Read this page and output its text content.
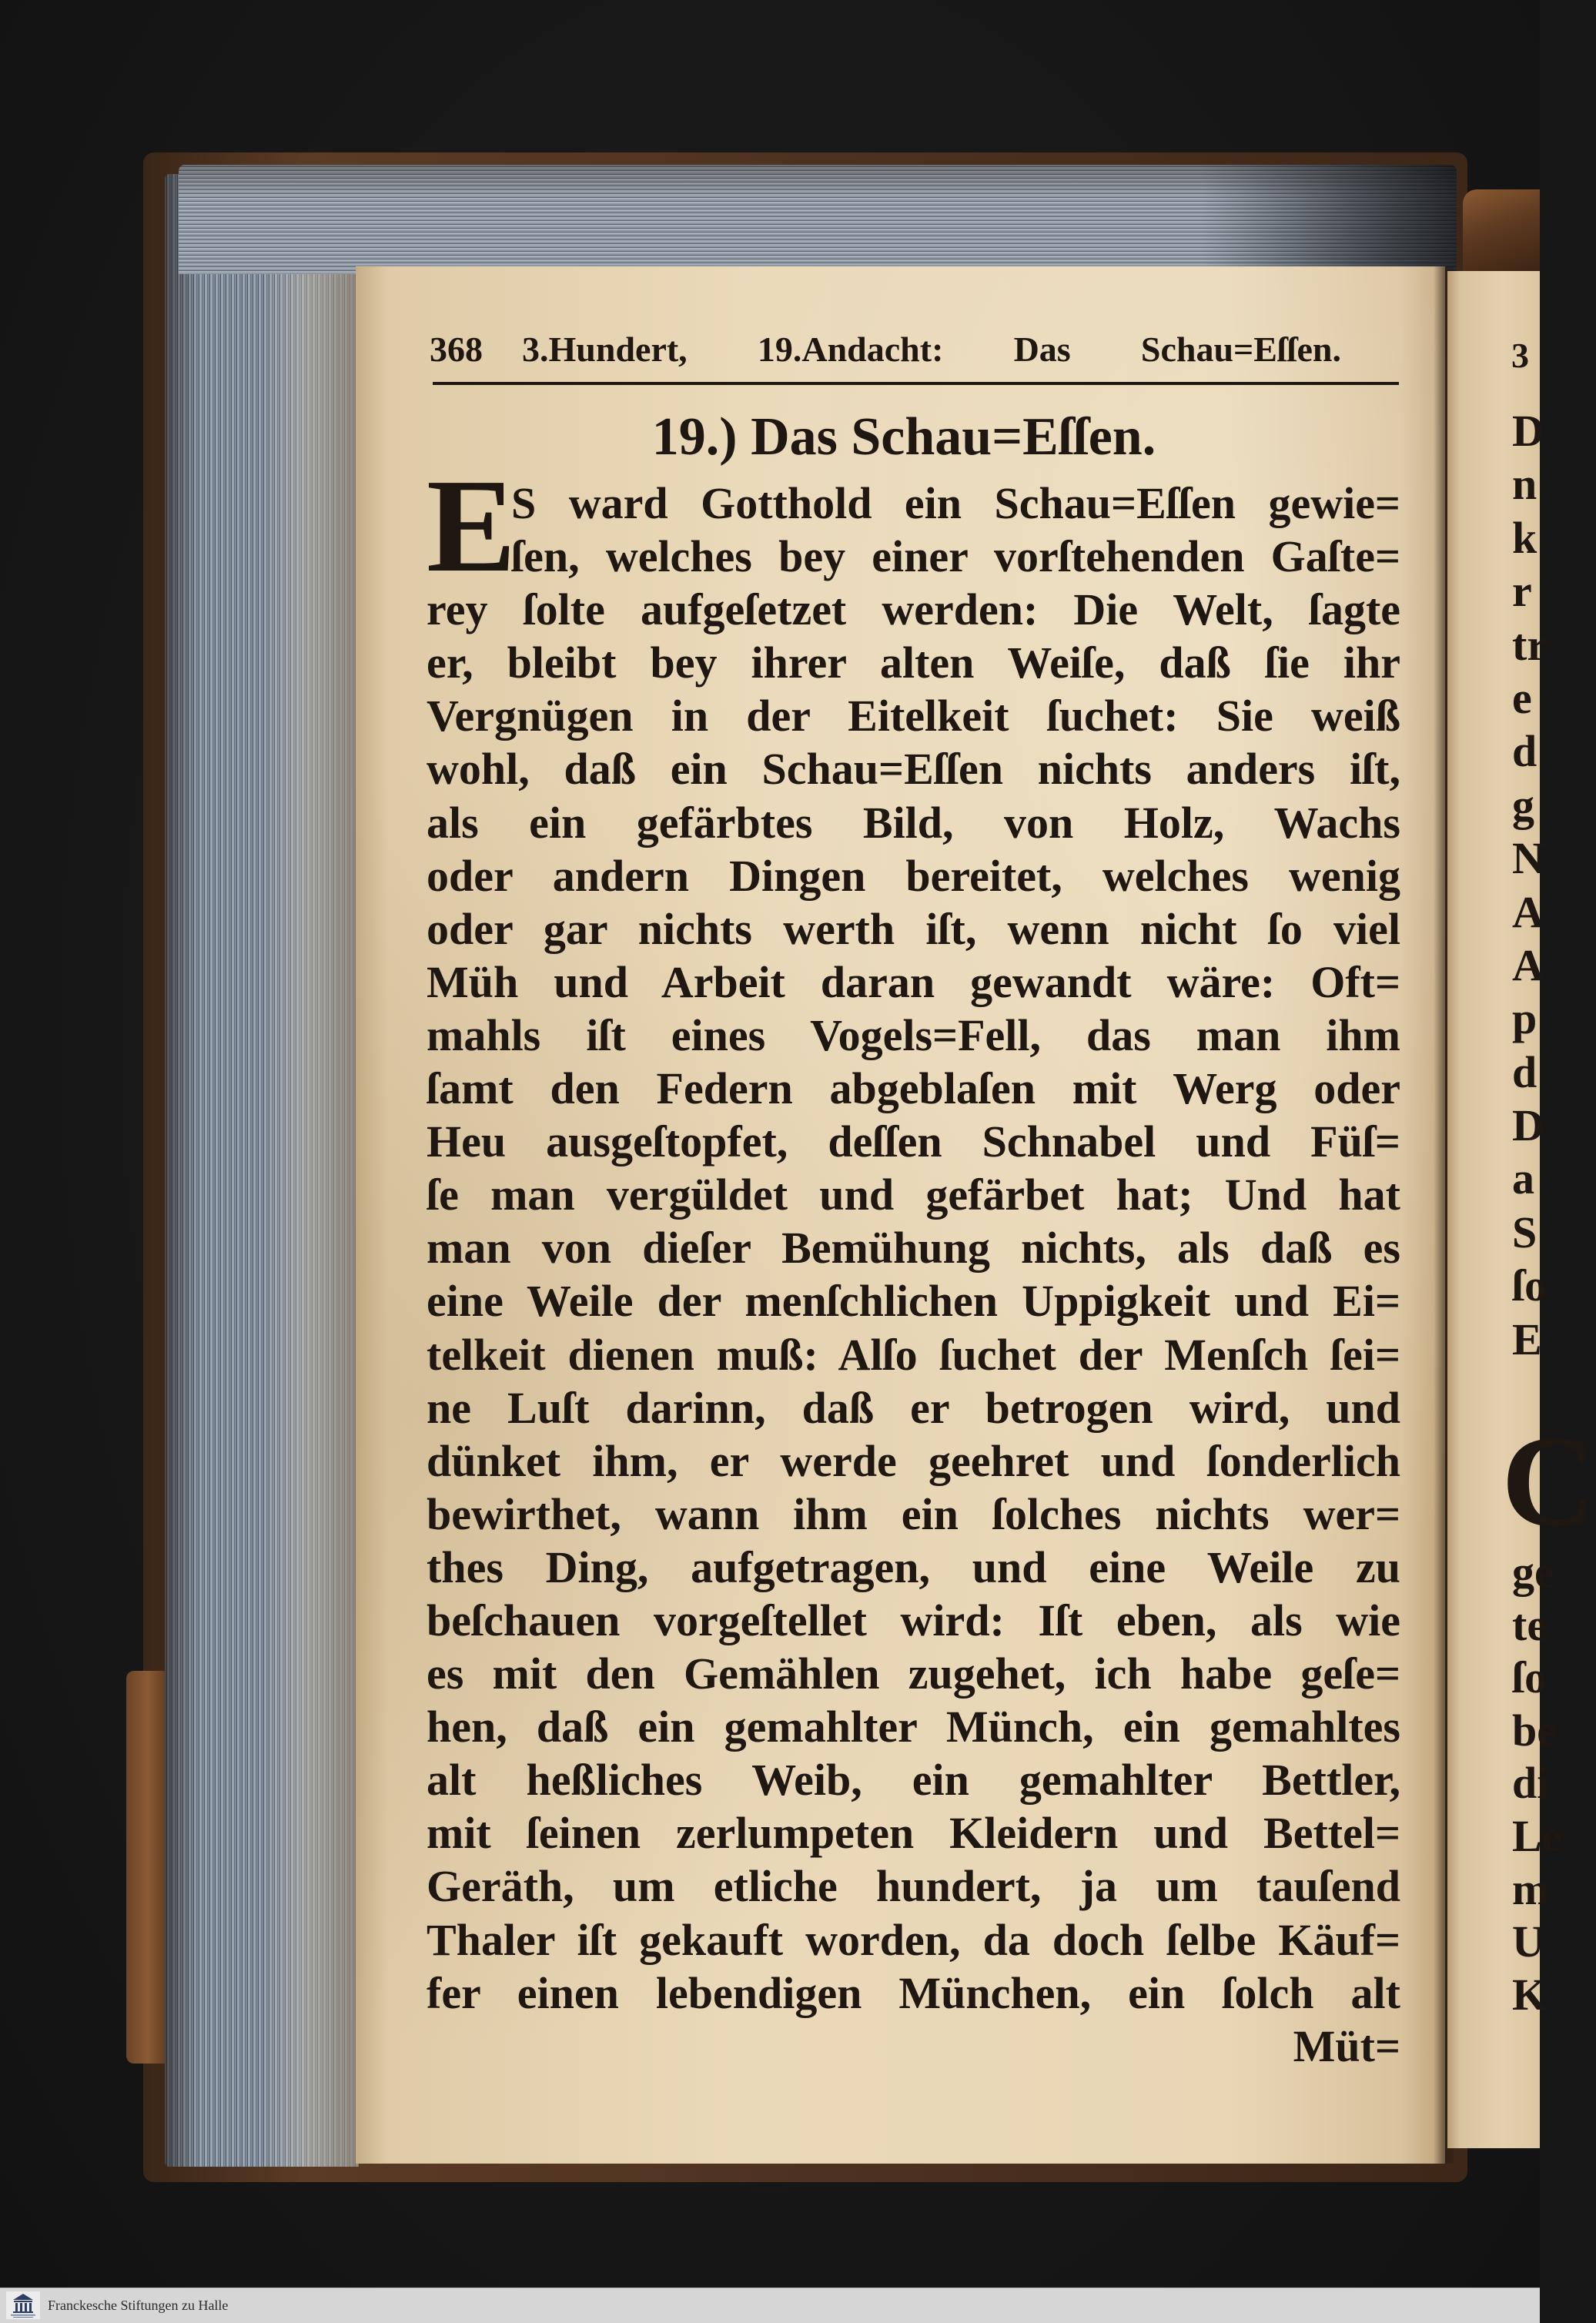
368 3.Hundert, 19.Andacht: Das Schau=Eſſen.
19.) Das Schau=Eſſen.
E
S ward Gotthold ein Schau=Eſſen gewie=
ſen, welches bey einer vorſtehenden Gaſte=
rey ſolte aufgeſetzet werden: Die Welt, ſagte
er, bleibt bey ihrer alten Weiſe, daß ſie ihr
Vergnügen in der Eitelkeit ſuchet: Sie weiß
wohl, daß ein Schau=Eſſen nichts anders iſt,
als ein gefärbtes Bild, von Holz, Wachs
oder andern Dingen bereitet, welches wenig
oder gar nichts werth iſt, wenn nicht ſo viel
Müh und Arbeit daran gewandt wäre: Oft=
mahls iſt eines Vogels=Fell, das man ihm
ſamt den Federn abgeblaſen mit Werg oder
Heu ausgeſtopfet, deſſen Schnabel und Füſ=
ſe man vergüldet und gefärbet hat; Und hat
man von dieſer Bemühung nichts, als daß es
eine Weile der menſchlichen Uppigkeit und Ei=
telkeit dienen muß: Alſo ſuchet der Menſch ſei=
ne Luſt darinn, daß er betrogen wird, und
dünket ihm, er werde geehret und ſonderlich
bewirthet, wann ihm ein ſolches nichts wer=
thes Ding, aufgetragen, und eine Weile zu
beſchauen vorgeſtellet wird: Iſt eben, als wie
es mit den Gemählen zugehet, ich habe geſe=
hen, daß ein gemahlter Münch, ein gemahltes
alt heßliches Weib, ein gemahlter Bettler,
mit ſeinen zerlumpeten Kleidern und Bettel=
Geräth, um etliche hundert, ja um tauſend
Thaler iſt gekauft worden, da doch ſelbe Käuf=
fer einen lebendigen München, ein ſolch alt
Müt=
3
D
n
k
r
tr
e
d
g
N
A
A
p
d
D
a
S
ſo
E
C
ge
te
ſo
be
di
Le
m
U
K
Franckesche Stiftungen zu Halle
